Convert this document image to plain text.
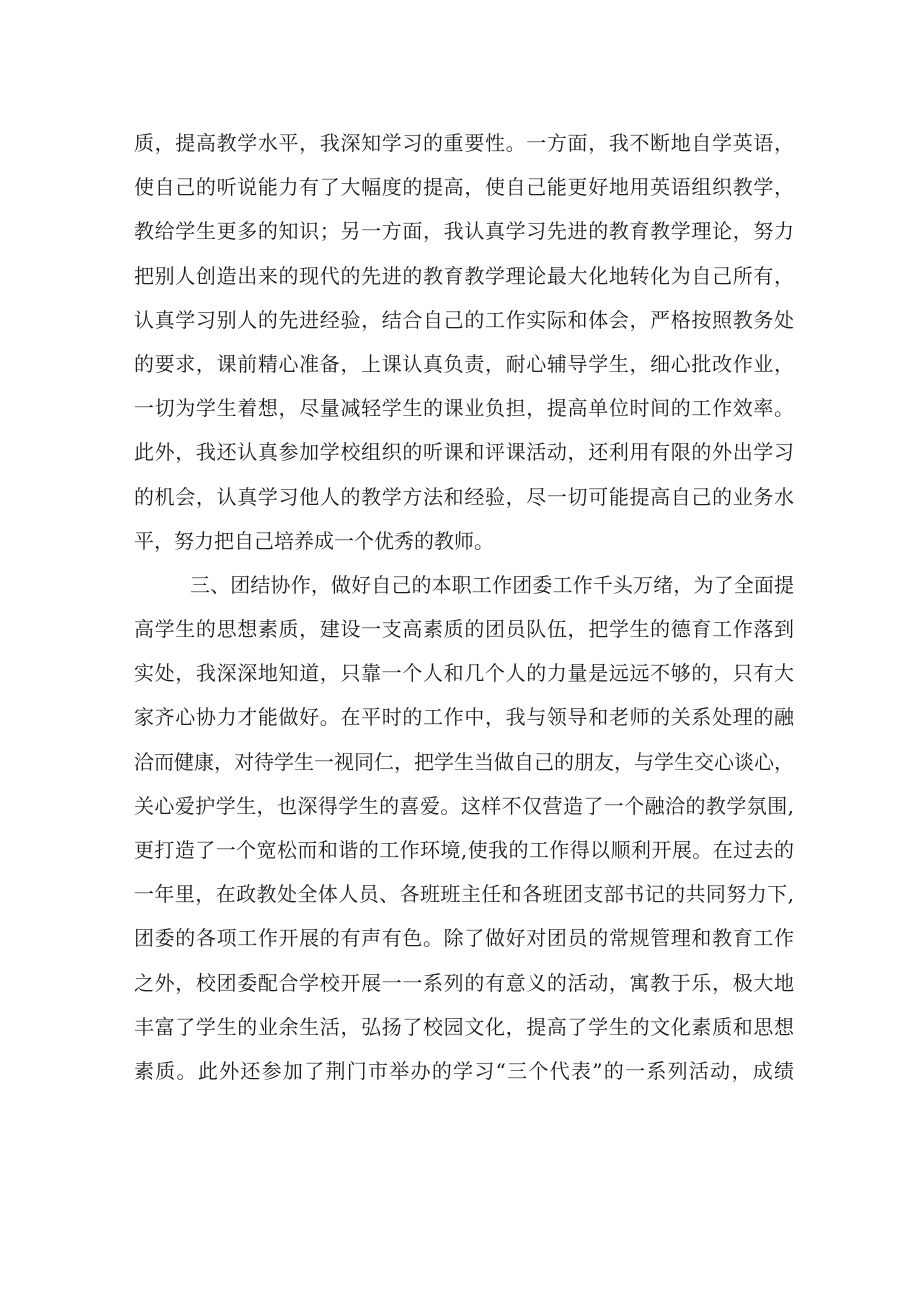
质，提高教学水平，我深知学习的重要性。一方面，我不断地自学英语，
使自己的听说能力有了大幅度的提高，使自己能更好地用英语组织教学，
教给学生更多的知识；另一方面，我认真学习先进的教育教学理论，努力
把别人创造出来的现代的先进的教育教学理论最大化地转化为自己所有，
认真学习别人的先进经验，结合自己的工作实际和体会，严格按照教务处
的要求，课前精心准备，上课认真负责，耐心辅导学生，细心批改作业，
一切为学生着想，尽量减轻学生的课业负担，提高单位时间的工作效率。
此外，我还认真参加学校组织的听课和评课活动，还利用有限的外出学习
的机会，认真学习他人的教学方法和经验，尽一切可能提高自己的业务水
平，努力把自己培养成一个优秀的教师。
三、团结协作，做好自己的本职工作团委工作千头万绪，为了全面提
高学生的思想素质，建设一支高素质的团员队伍，把学生的德育工作落到
实处，我深深地知道，只靠一个人和几个人的力量是远远不够的，只有大
家齐心协力才能做好。在平时的工作中，我与领导和老师的关系处理的融
洽而健康，对待学生一视同仁，把学生当做自己的朋友，与学生交心谈心，
关心爱护学生，也深得学生的喜爱。这样不仅营造了一个融洽的教学氛围,
更打造了一个宽松而和谐的工作环境,使我的工作得以顺利开展。在过去的
一年里，在政教处全体人员、各班班主任和各班团支部书记的共同努力下,
团委的各项工作开展的有声有色。除了做好对团员的常规管理和教育工作
之外，校团委配合学校开展一一系列的有意义的活动，寓教于乐，极大地
丰富了学生的业余生活，弘扬了校园文化，提高了学生的文化素质和思想
素质。此外还参加了荆门市举办的学习“三个代表”的一系列活动，成绩
